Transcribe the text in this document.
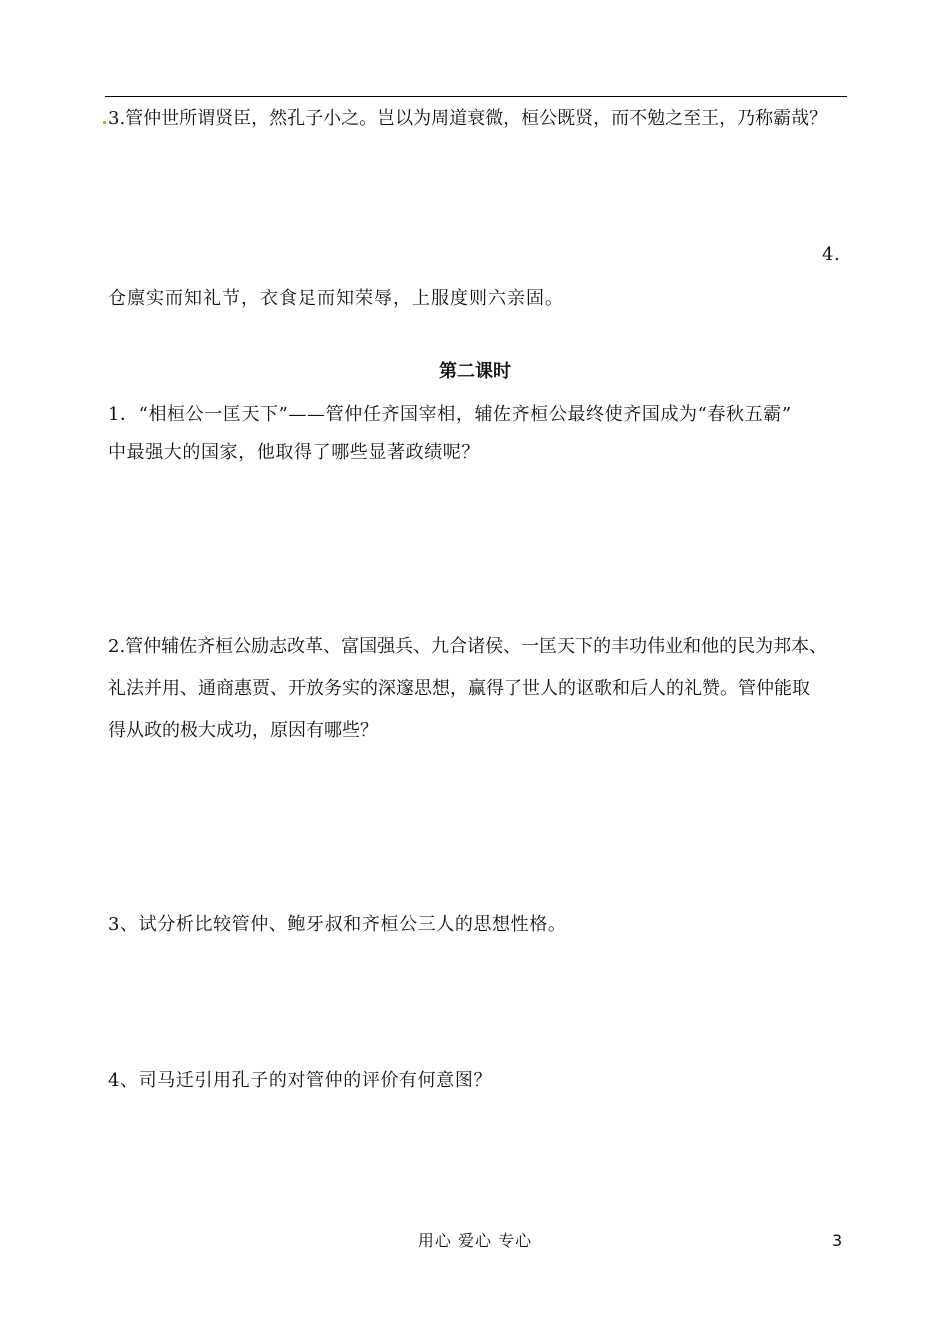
3.管仲世所谓贤臣，然孔子小之。岂以为周道衰微，桓公既贤，而不勉之至王，乃称霸哉？
4.
仓廪实而知礼节，衣食足而知荣辱，上服度则六亲固。
第二课时
1．“相桓公一匡天下”——管仲任齐国宰相，辅佐齐桓公最终使齐国成为“春秋五霸”
中最强大的国家，他取得了哪些显著政绩呢？
2.管仲辅佐齐桓公励志改革、富国强兵、九合诸侯、一匡天下的丰功伟业和他的民为邦本、
礼法并用、通商惠贾、开放务实的深邃思想，赢得了世人的讴歌和后人的礼赞。管仲能取
得从政的极大成功，原因有哪些？
3、试分析比较管仲、鲍牙叔和齐桓公三人的思想性格。
4、司马迁引用孔子的对管仲的评价有何意图？
用心 爱心 专心	3
